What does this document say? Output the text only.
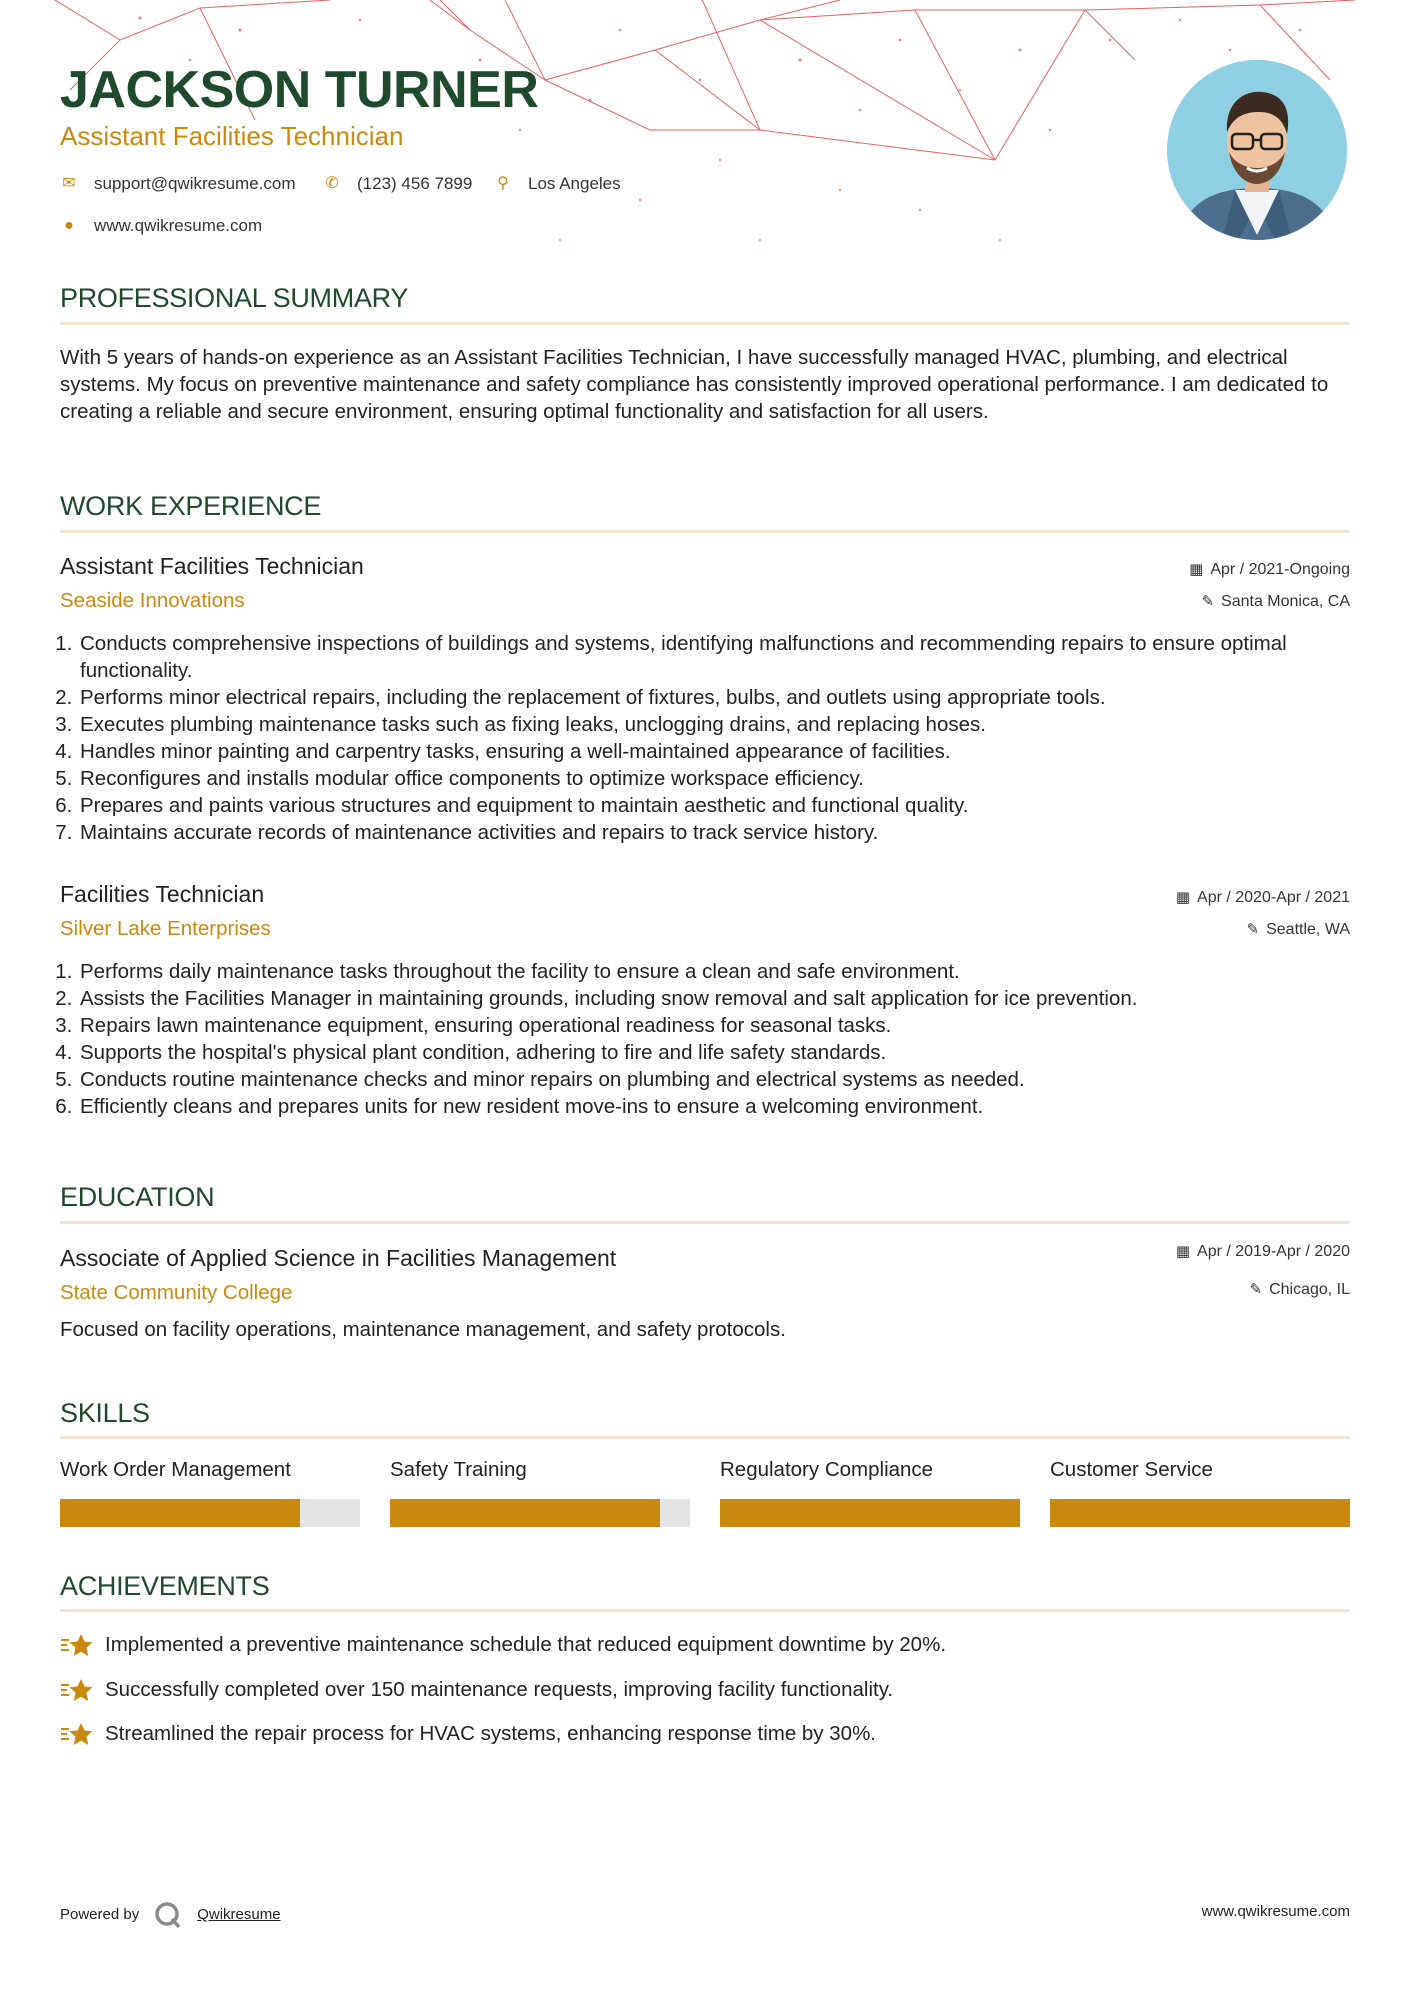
JACKSON TURNER
Assistant Facilities Technician
✉ support@qwikresume.com ✆ (123) 456 7899 ⚲ Los Angeles
● www.qwikresume.com
PROFESSIONAL SUMMARY

With 5 years of hands-on experience as an Assistant Facilities Technician, I have successfully managed HVAC, plumbing, and electrical systems. My focus on preventive maintenance and safety compliance has consistently improved operational performance. I am dedicated to creating a reliable and secure environment, ensuring optimal functionality and satisfaction for all users.

WORK EXPERIENCE
Assistant Facilities Technician
Seaside Innovations
▦ Apr / 2021-Ongoing
✎ Santa Monica, CA
1. Conducts comprehensive inspections of buildings and systems, identifying malfunctions and recommending repairs to ensure optimal functionality.
2. Performs minor electrical repairs, including the replacement of fixtures, bulbs, and outlets using appropriate tools.
3. Executes plumbing maintenance tasks such as fixing leaks, unclogging drains, and replacing hoses.
4. Handles minor painting and carpentry tasks, ensuring a well-maintained appearance of facilities.
5. Reconfigures and installs modular office components to optimize workspace efficiency.
6. Prepares and paints various structures and equipment to maintain aesthetic and functional quality.
7. Maintains accurate records of maintenance activities and repairs to track service history.
Facilities Technician
Silver Lake Enterprises
▦ Apr / 2020-Apr / 2021
✎ Seattle, WA
1. Performs daily maintenance tasks throughout the facility to ensure a clean and safe environment.
2. Assists the Facilities Manager in maintaining grounds, including snow removal and salt application for ice prevention.
3. Repairs lawn maintenance equipment, ensuring operational readiness for seasonal tasks.
4. Supports the hospital's physical plant condition, adhering to fire and life safety standards.
5. Conducts routine maintenance checks and minor repairs on plumbing and electrical systems as needed.
6. Efficiently cleans and prepares units for new resident move-ins to ensure a welcoming environment.
EDUCATION
Associate of Applied Science in Facilities Management
State Community College
▦ Apr / 2019-Apr / 2020
✎ Chicago, IL

Focused on facility operations, maintenance management, and safety protocols.

SKILLS
Work Order Management	Safety Training	Regulatory Compliance	Customer Service
ACHIEVEMENTS
Implemented a preventive maintenance schedule that reduced equipment downtime by 20%.
Successfully completed over 150 maintenance requests, improving facility functionality.
Streamlined the repair process for HVAC systems, enhancing response time by 30%.
Powered by	Qwikresume	www.qwikresume.com
